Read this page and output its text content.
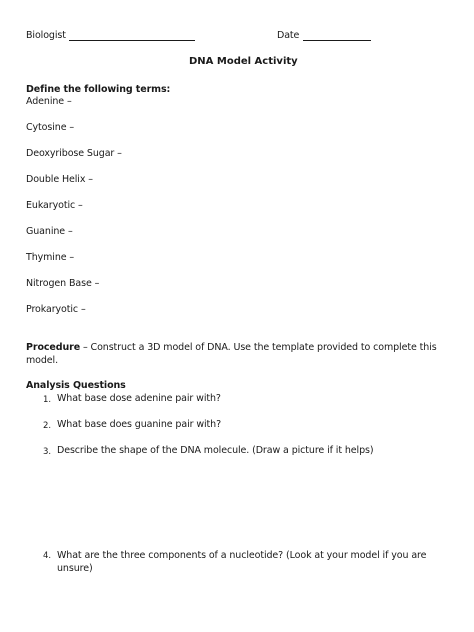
Biologist	Date
DNA Model Activity
Define the following terms:
Adenine –
Cytosine –
Deoxyribose Sugar –
Double Helix –
Eukaryotic –
Guanine –
Thymine –
Nitrogen Base –
Prokaryotic –
Procedure – Construct a 3D model of DNA. Use the template provided to complete this model.
Analysis Questions
1. What base dose adenine pair with?
2. What base does guanine pair with?
3. Describe the shape of the DNA molecule. (Draw a picture if it helps)
4. What are the three components of a nucleotide? (Look at your model if you are unsure)
